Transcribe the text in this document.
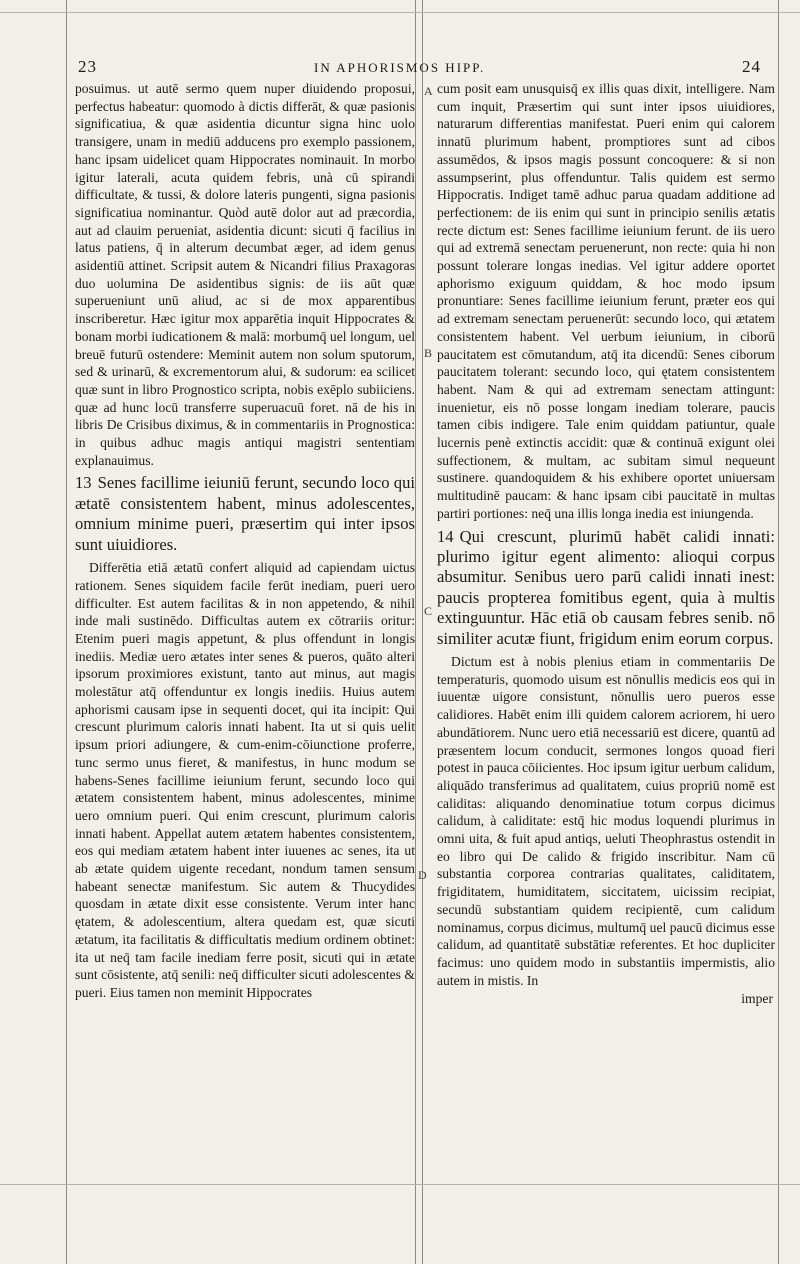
23	IN APHORISMOS HIPP.	24
A
B
C
D

posuimus. ut autē sermo quem nuper diuidendo proposui, perfectus habeatur: quomodo à dictis differāt, & quæ pasionis significatiua, & quæ asidentia dicuntur signa hinc uolo transigere, unam in mediū adducens pro exemplo passionem, hanc ipsam uidelicet quam Hippocrates nominauit. In morbo igitur laterali, acuta quidem febris, unà cū spirandi difficultate, & tussi, & dolore lateris pungenti, signa pasionis significatiua nominantur. Quòd autē dolor aut ad præcordia, aut ad clauim perueniat, asidentia dicunt: sicuti q̄ facilius in latus patiens, q̄ in alterum decumbat æger, ad idem genus asidentiū attinet. Scripsit autem & Nicandri filius Praxagoras duo uolumina De asidentibus signis: de iis aūt quæ superueniunt unū aliud, ac si de mox apparentibus inscriberetur. Hæc igitur mox apparētia inquit Hippocrates & bonam morbi iudicationem & malā: morbumq̄ uel longum, uel breuē futurū ostendere: Meminit autem non solum sputorum, sed & urinarū, & excrementorum alui, & sudorum: ea scilicet quæ sunt in libro Prognostico scripta, nobis exēplo subiiciens. quæ ad hunc locū transferre superuacuū foret. nā de his in libris De Crisibus diximus, & in commentariis in Prognostica: in quibus adhuc magis antiqui magistri sententiam explanauimus.

13 Senes facillime ieiuniū ferunt, secundo loco qui ætatē consistentem habent, minus adolescentes, omnium minime pueri, præsertim qui inter ipsos sunt uiuidiores.

Differētia etiā ætatū confert aliquid ad capiendam uictus rationem. Senes siquidem facile ferūt inediam, pueri uero difficulter. Est autem facilitas & in non appetendo, & nihil inde mali sustinēdo. Difficultas autem ex cōtrariis oritur: Etenim pueri magis appetunt, & plus offendunt in longis inediis. Mediæ uero ætates inter senes & pueros, quāto alteri ipsorum proximiores existunt, tanto aut minus, aut magis molestātur atq̄ offenduntur ex longis inediis. Huius autem aphorismi causam ipse in sequenti docet, qui ita incipit: Qui crescunt plurimum caloris innati habent. Ita ut si quis uelit ipsum priori adiungere, & cum-enim-cōiunctione proferre, tunc sermo unus fieret, & manifestus, in hunc modum se habens-Senes facillime ieiunium ferunt, secundo loco qui ætatem consistentem habent, minus adolescentes, minime uero omnium pueri. Qui enim crescunt, plurimum caloris innati habent. Appellat autem ætatem habentes consistentem, eos qui mediam ætatem habent inter iuuenes ac senes, ita ut ab ætate quidem uigente recedant, nondum tamen sensum habeant senectæ manifestum. Sic autem & Thucydides quosdam in ætate dixit esse consistente. Verum inter hanc ętatem, & adolescentium, altera quedam est, quæ sicuti ætatum, ita facilitatis & difficultatis medium ordinem obtinet: ita ut neq̄ tam facile inediam ferre posit, sicuti qui in ætate sunt cōsistente, atq̄ senili: neq̄ difficulter sicuti adolescentes & pueri. Eius tamen non meminit Hippocrates

cum posit eam unusquisq̄ ex illis quas dixit, intelligere. Nam cum inquit, Præsertim qui sunt inter ipsos uiuidiores, naturarum differentias manifestat. Pueri enim qui calorem innatū plurimum habent, promptiores sunt ad cibos assumēdos, & ipsos magis possunt concoquere: & si non assumpserint, plus offenduntur. Talis quidem est sermo Hippocratis. Indiget tamē adhuc parua quadam additione ad perfectionem: de iis enim qui sunt in principio senilis ætatis recte dictum est: Senes facillime ieiunium ferunt. de iis uero qui ad extremā senectam peruenerunt, non recte: quia hi non possunt tolerare longas inedias. Vel igitur addere oportet aphorismo exiguum quiddam, & hoc modo ipsum pronuntiare: Senes facillime ieiunium ferunt, præter eos qui ad extremam senectam peruenerūt: secundo loco, qui ætatem consistentem habent. Vel uerbum ieiunium, in ciborū paucitatem est cōmutandum, atq̄ ita dicendū: Senes ciborum paucitatem tolerant: secundo loco, qui ętatem consistentem habent. Nam & qui ad extremam senectam attingunt: inuenietur, eis nō posse longam inediam tolerare, paucis tamen cibis indigere. Tale enim quiddam patiuntur, quale lucernis penè extinctis accidit: quæ & continuā exigunt olei suffectionem, & multam, ac subitam simul nequeunt sustinere. quandoquidem & his exhibere oportet uniuersam multitudinē paucam: & hanc ipsam cibi paucitatē in multas partiri portiones: neq̄ una illis longa inedia est iniungenda.

14 Qui crescunt, plurimū habēt calidi innati: plurimo igitur egent alimento: alioqui corpus absumitur. Senibus uero parū calidi innati inest: paucis propterea fomitibus egent, quia à multis extinguuntur. Hāc etiā ob causam febres senib. nō similiter acutæ fiunt, frigidum enim eorum corpus.

Dictum est à nobis plenius etiam in commentariis De temperaturis, quomodo uisum est nōnullis medicis eos qui in iuuentæ uigore consistunt, nōnullis uero pueros esse calidiores. Habēt enim illi quidem calorem acriorem, hi uero abundātiorem. Nunc uero etiā necessariū est dicere, quantū ad præsentem locum conducit, sermones longos quoad fieri potest in pauca cōiicientes. Hoc ipsum igitur uerbum calidum, aliquādo transferimus ad qualitatem, cuius propriū nomē est caliditas: aliquando denominatiue totum corpus dicimus calidum, à caliditate: estq̄ hic modus loquendi plurimus in omni uita, & fuit apud antiqs, ueluti Theophrastus ostendit in eo libro qui De calido & frigido inscribitur. Nam cū substantia corporea contrarias qualitates, caliditatem, frigiditatem, humiditatem, siccitatem, uicissim recipiat, secundū substantiam quidem recipientē, cum calidum nominamus, corpus dicimus, multumq̄ uel paucū dicimus esse calidum, ad quantitatē substātiæ referentes. Et hoc dupliciter facimus: uno quidem modo in substantiis impermistis, alio autem in mistis. In

imper
